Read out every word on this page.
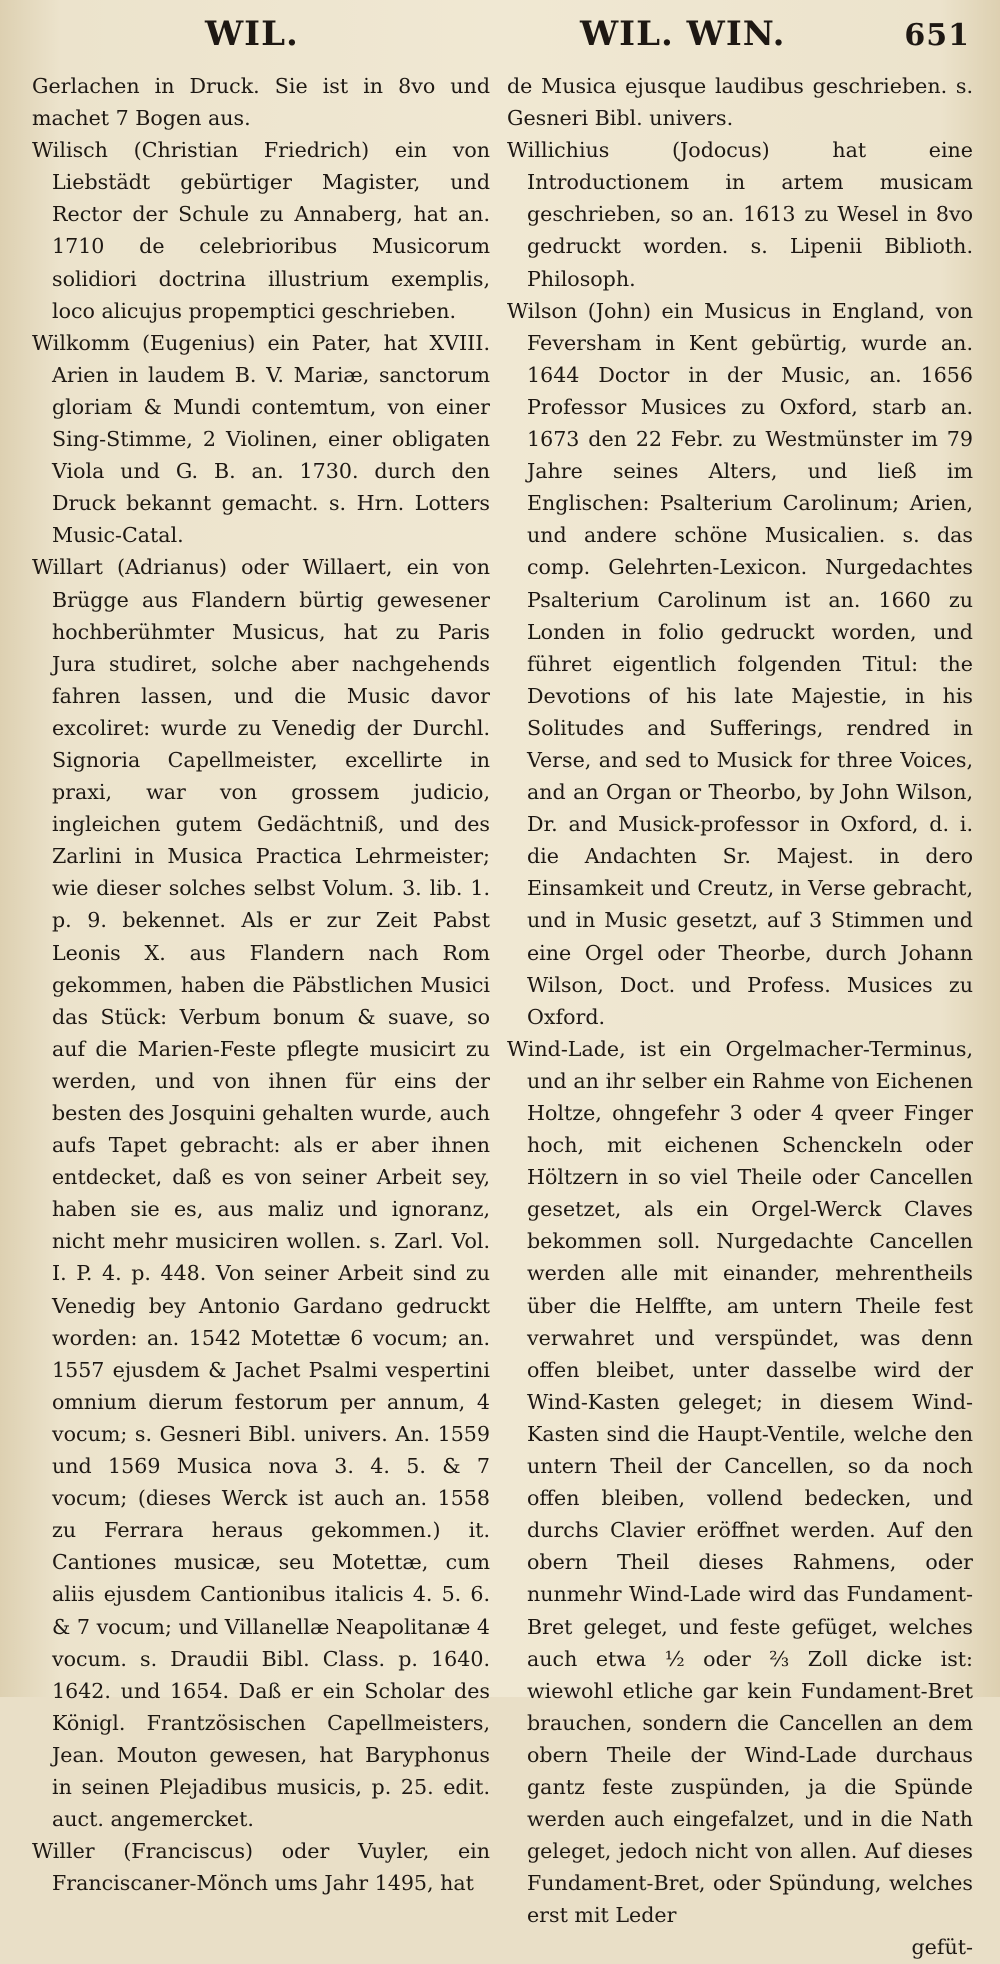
WIL.	WIL. WIN.	651

Gerlachen in Druck. Sie ist in 8vo und machet 7 Bogen aus.

Wilisch (Christian Friedrich) ein von Liebstädt gebürtiger Magister, und Rector der Schule zu Annaberg, hat an. 1710 de celebrioribus Musicorum solidiori doctrina illustrium exemplis, loco alicujus propemptici geschrieben.

Wilkomm (Eugenius) ein Pater, hat XVIII. Arien in laudem B. V. Mariæ, sanctorum gloriam & Mundi contemtum, von einer Sing-Stimme, 2 Violinen, einer obligaten Viola und G. B. an. 1730. durch den Druck bekannt gemacht. s. Hrn. Lotters Music-Catal.

Willart (Adrianus) oder Willaert, ein von Brügge aus Flandern bürtig gewesener hochberühmter Musicus, hat zu Paris Jura studiret, solche aber nachgehends fahren lassen, und die Music davor excoliret: wurde zu Venedig der Durchl. Signoria Capellmeister, excellirte in praxi, war von grossem judicio, ingleichen gutem Gedächtniß, und des Zarlini in Musica Practica Lehrmeister; wie dieser solches selbst Volum. 3. lib. 1. p. 9. bekennet. Als er zur Zeit Pabst Leonis X. aus Flandern nach Rom gekommen, haben die Päbstlichen Musici das Stück: Verbum bonum & suave, so auf die Marien-Feste pflegte musicirt zu werden, und von ihnen für eins der besten des Josquini gehalten wurde, auch aufs Tapet gebracht: als er aber ihnen entdecket, daß es von seiner Arbeit sey, haben sie es, aus maliz und ignoranz, nicht mehr musiciren wollen. s. Zarl. Vol. I. P. 4. p. 448. Von seiner Arbeit sind zu Venedig bey Antonio Gardano gedruckt worden: an. 1542 Motettæ 6 vocum; an. 1557 ejusdem & Jachet Psalmi vespertini omnium dierum festorum per annum, 4 vocum; s. Gesneri Bibl. univers. An. 1559 und 1569 Musica nova 3. 4. 5. & 7 vocum; (dieses Werck ist auch an. 1558 zu Ferrara heraus gekommen.) it. Cantiones musicæ, seu Motettæ, cum aliis ejusdem Cantionibus italicis 4. 5. 6. & 7 vocum; und Villanellæ Neapolitanæ 4 vocum. s. Draudii Bibl. Class. p. 1640. 1642. und 1654. Daß er ein Scholar des Königl. Frantzösischen Capellmeisters, Jean. Mouton gewesen, hat Baryphonus in seinen Plejadibus musicis, p. 25. edit. auct. angemercket.

Willer (Franciscus) oder Vuyler, ein Franciscaner-Mönch ums Jahr 1495, hat

de Musica ejusque laudibus geschrieben. s. Gesneri Bibl. univers.

Willichius (Jodocus) hat eine Introductionem in artem musicam geschrieben, so an. 1613 zu Wesel in 8vo gedruckt worden. s. Lipenii Biblioth. Philosoph.

Wilson (John) ein Musicus in England, von Feversham in Kent gebürtig, wurde an. 1644 Doctor in der Music, an. 1656 Professor Musices zu Oxford, starb an. 1673 den 22 Febr. zu Westmünster im 79 Jahre seines Alters, und ließ im Englischen: Psalterium Carolinum; Arien, und andere schöne Musicalien. s. das comp. Gelehrten-Lexicon. Nurgedachtes Psalterium Carolinum ist an. 1660 zu Londen in folio gedruckt worden, und führet eigentlich folgenden Titul: the Devotions of his late Majestie, in his Solitudes and Sufferings, rendred in Verse, and sed to Musick for three Voices, and an Organ or Theorbo, by John Wilson, Dr. and Musick-professor in Oxford, d. i. die Andachten Sr. Majest. in dero Einsamkeit und Creutz, in Verse gebracht, und in Music gesetzt, auf 3 Stimmen und eine Orgel oder Theorbe, durch Johann Wilson, Doct. und Profess. Musices zu Oxford.

Wind-Lade, ist ein Orgelmacher-Terminus, und an ihr selber ein Rahme von Eichenen Holtze, ohngefehr 3 oder 4 qveer Finger hoch, mit eichenen Schenckeln oder Höltzern in so viel Theile oder Cancellen gesetzet, als ein Orgel-Werck Claves bekommen soll. Nurgedachte Cancellen werden alle mit einander, mehrentheils über die Helffte, am untern Theile fest verwahret und verspündet, was denn offen bleibet, unter dasselbe wird der Wind-Kasten geleget; in diesem Wind-Kasten sind die Haupt-Ventile, welche den untern Theil der Cancellen, so da noch offen bleiben, vollend bedecken, und durchs Clavier eröffnet werden. Auf den obern Theil dieses Rahmens, oder nunmehr Wind-Lade wird das Fundament-Bret geleget, und feste gefüget, welches auch etwa ½ oder ⅔ Zoll dicke ist: wiewohl etliche gar kein Fundament-Bret brauchen, sondern die Cancellen an dem obern Theile der Wind-Lade durchaus gantz feste zuspünden, ja die Spünde werden auch eingefalzet, und in die Nath geleget, jedoch nicht von allen. Auf dieses Fundament-Bret, oder Spündung, welches erst mit Leder

gefüt-
